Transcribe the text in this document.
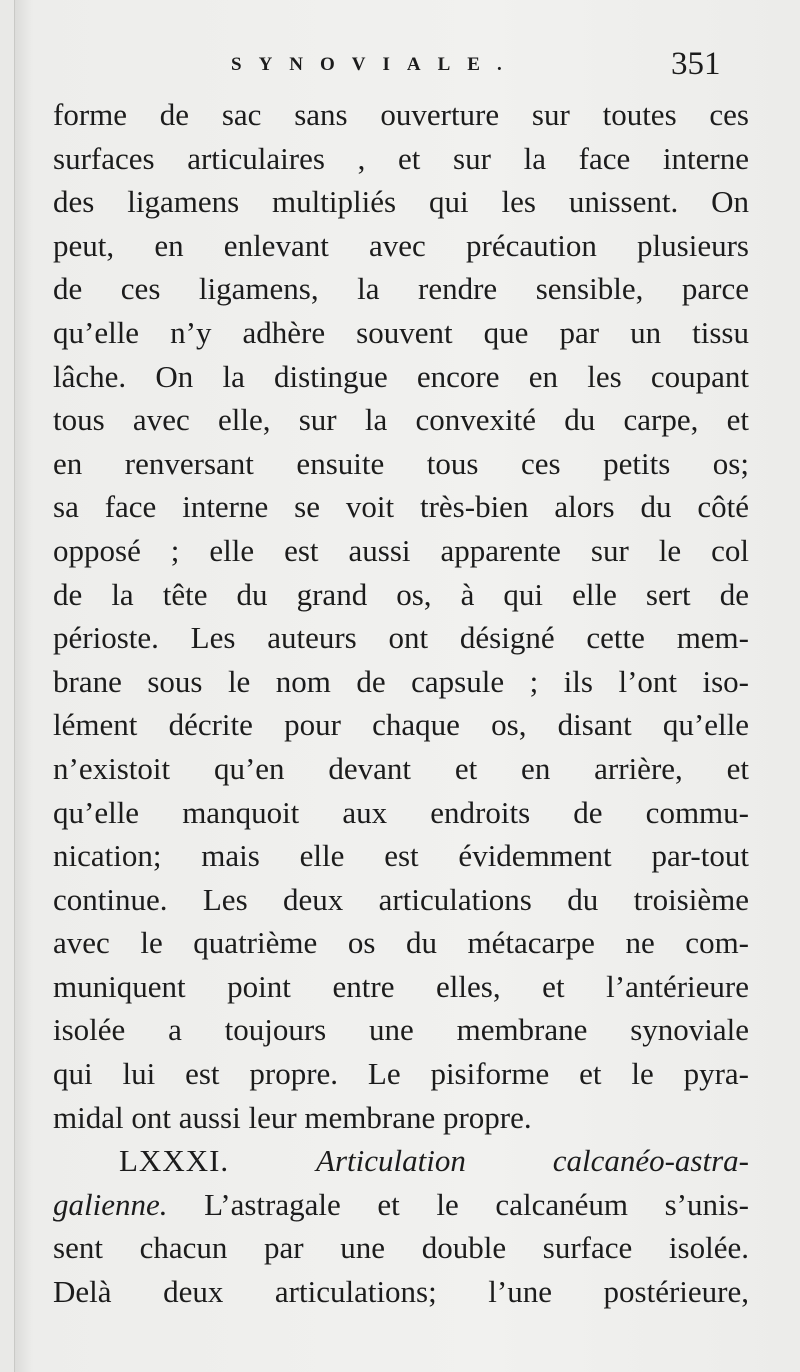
SYNOVIALE.	351
forme de sac sans ouverture sur toutes ces
surfaces articulaires , et sur la face interne
des ligamens multipliés qui les unissent. On
peut, en enlevant avec précaution plusieurs
de ces ligamens, la rendre sensible, parce
qu’elle n’y adhère souvent que par un tissu
lâche. On la distingue encore en les coupant
tous avec elle, sur la convexité du carpe, et
en renversant ensuite tous ces petits os;
sa face interne se voit très-bien alors du côté
opposé ; elle est aussi apparente sur le col
de la tête du grand os, à qui elle sert de
périoste. Les auteurs ont désigné cette mem-
brane sous le nom de capsule ; ils l’ont iso-
lément décrite pour chaque os, disant qu’elle
n’existoit qu’en devant et en arrière, et
qu’elle manquoit aux endroits de commu-
nication; mais elle est évidemment par-tout
continue. Les deux articulations du troisième
avec le quatrième os du métacarpe ne com-
muniquent point entre elles, et l’antérieure
isolée a toujours une membrane synoviale
qui lui est propre. Le pisiforme et le pyra-
midal ont aussi leur membrane propre.
LXXXI.	Articulation calcanéo-astra-
galienne. L’astragale et le calcanéum s’unis-
sent chacun par une double surface isolée.
Delà deux articulations; l’une postérieure,
